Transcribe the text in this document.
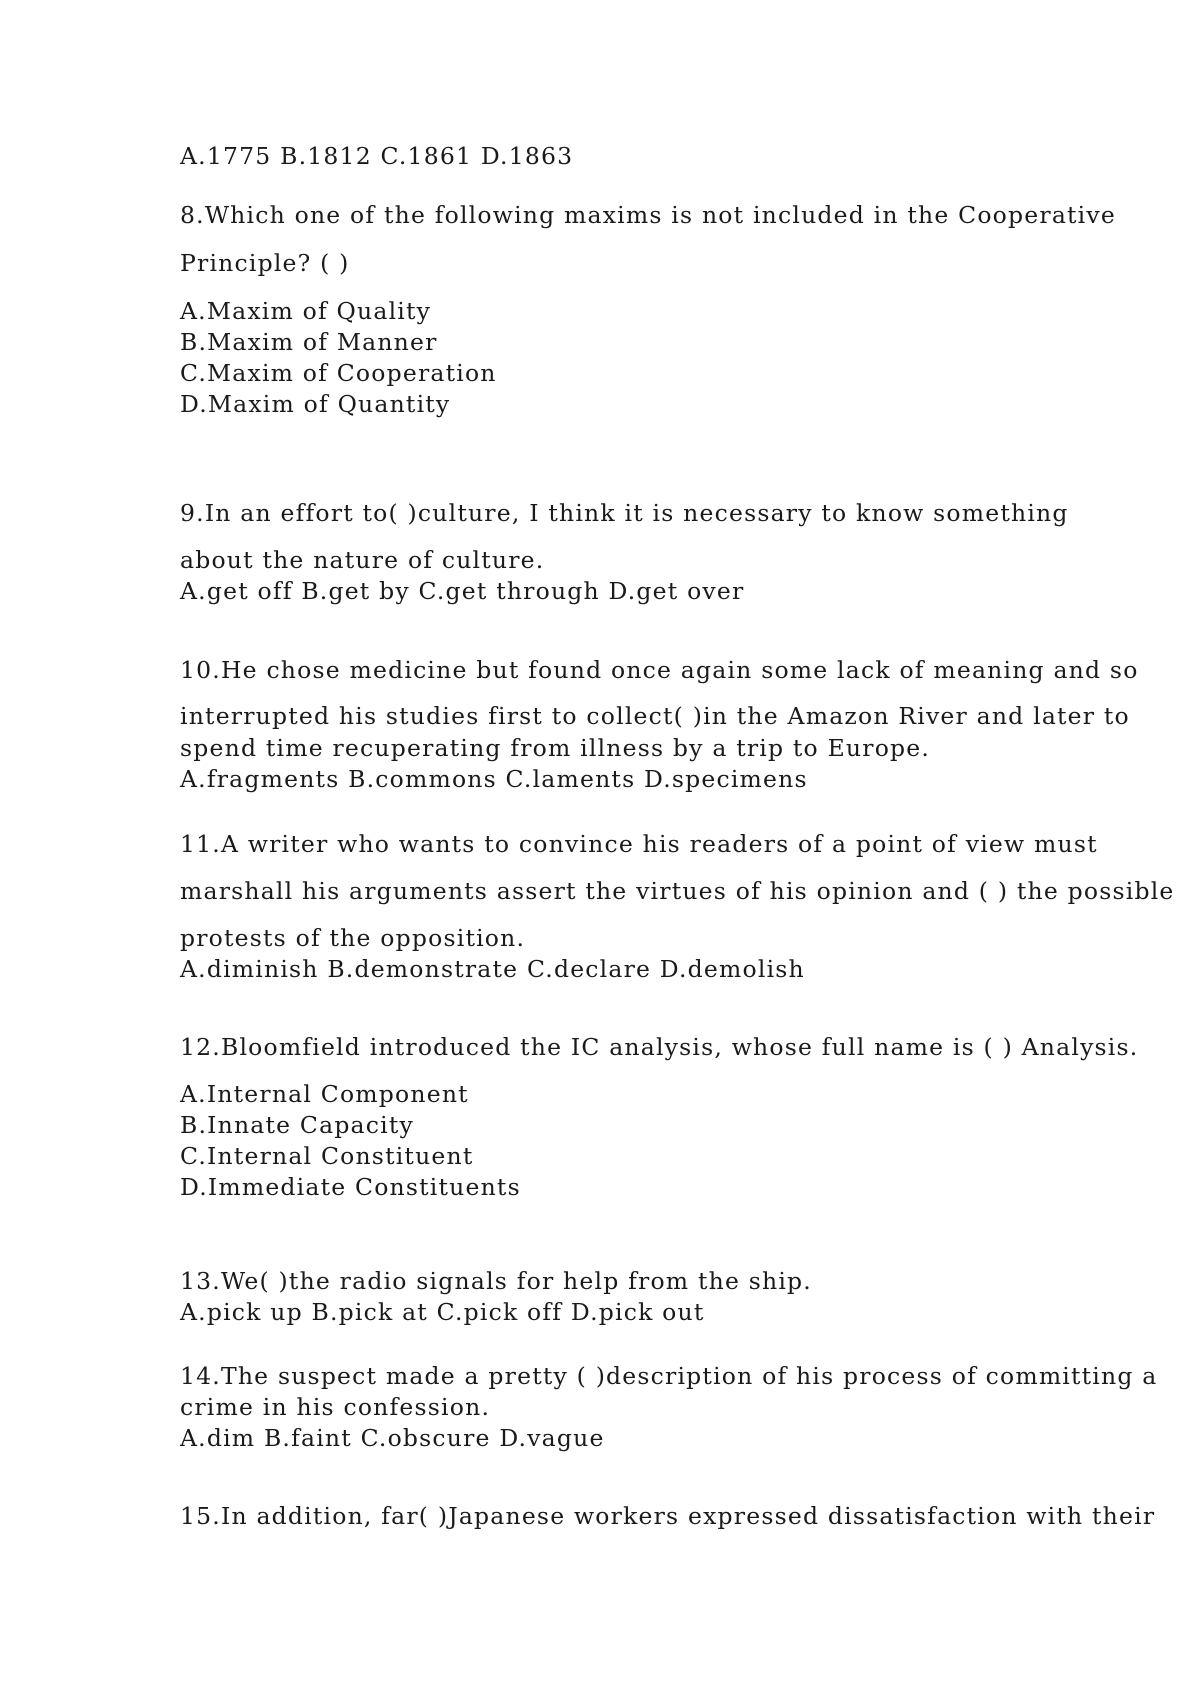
A.1775 B.1812 C.1861 D.1863
8.Which one of the following maxims is not included in the Cooperative
Principle? ( )
A.Maxim of Quality
B.Maxim of Manner
C.Maxim of Cooperation
D.Maxim of Quantity
9.In an effort to( )culture, I think it is necessary to know something
about the nature of culture.
A.get off B.get by C.get through D.get over
10.He chose medicine but found once again some lack of meaning and so
interrupted his studies first to collect( )in the Amazon River and later to
spend time recuperating from illness by a trip to Europe.
A.fragments B.commons C.laments D.specimens
11.A writer who wants to convince his readers of a point of view must
marshall his arguments assert the virtues of his opinion and ( ) the possible
protests of the opposition.
A.diminish B.demonstrate C.declare D.demolish
12.Bloomfield introduced the IC analysis, whose full name is ( ) Analysis.
A.Internal Component
B.Innate Capacity
C.Internal Constituent
D.Immediate Constituents
13.We( )the radio signals for help from the ship.
A.pick up B.pick at C.pick off D.pick out
14.The suspect made a pretty ( )description of his process of committing a
crime in his confession.
A.dim B.faint C.obscure D.vague
15.In addition, far( )Japanese workers expressed dissatisfaction with their
